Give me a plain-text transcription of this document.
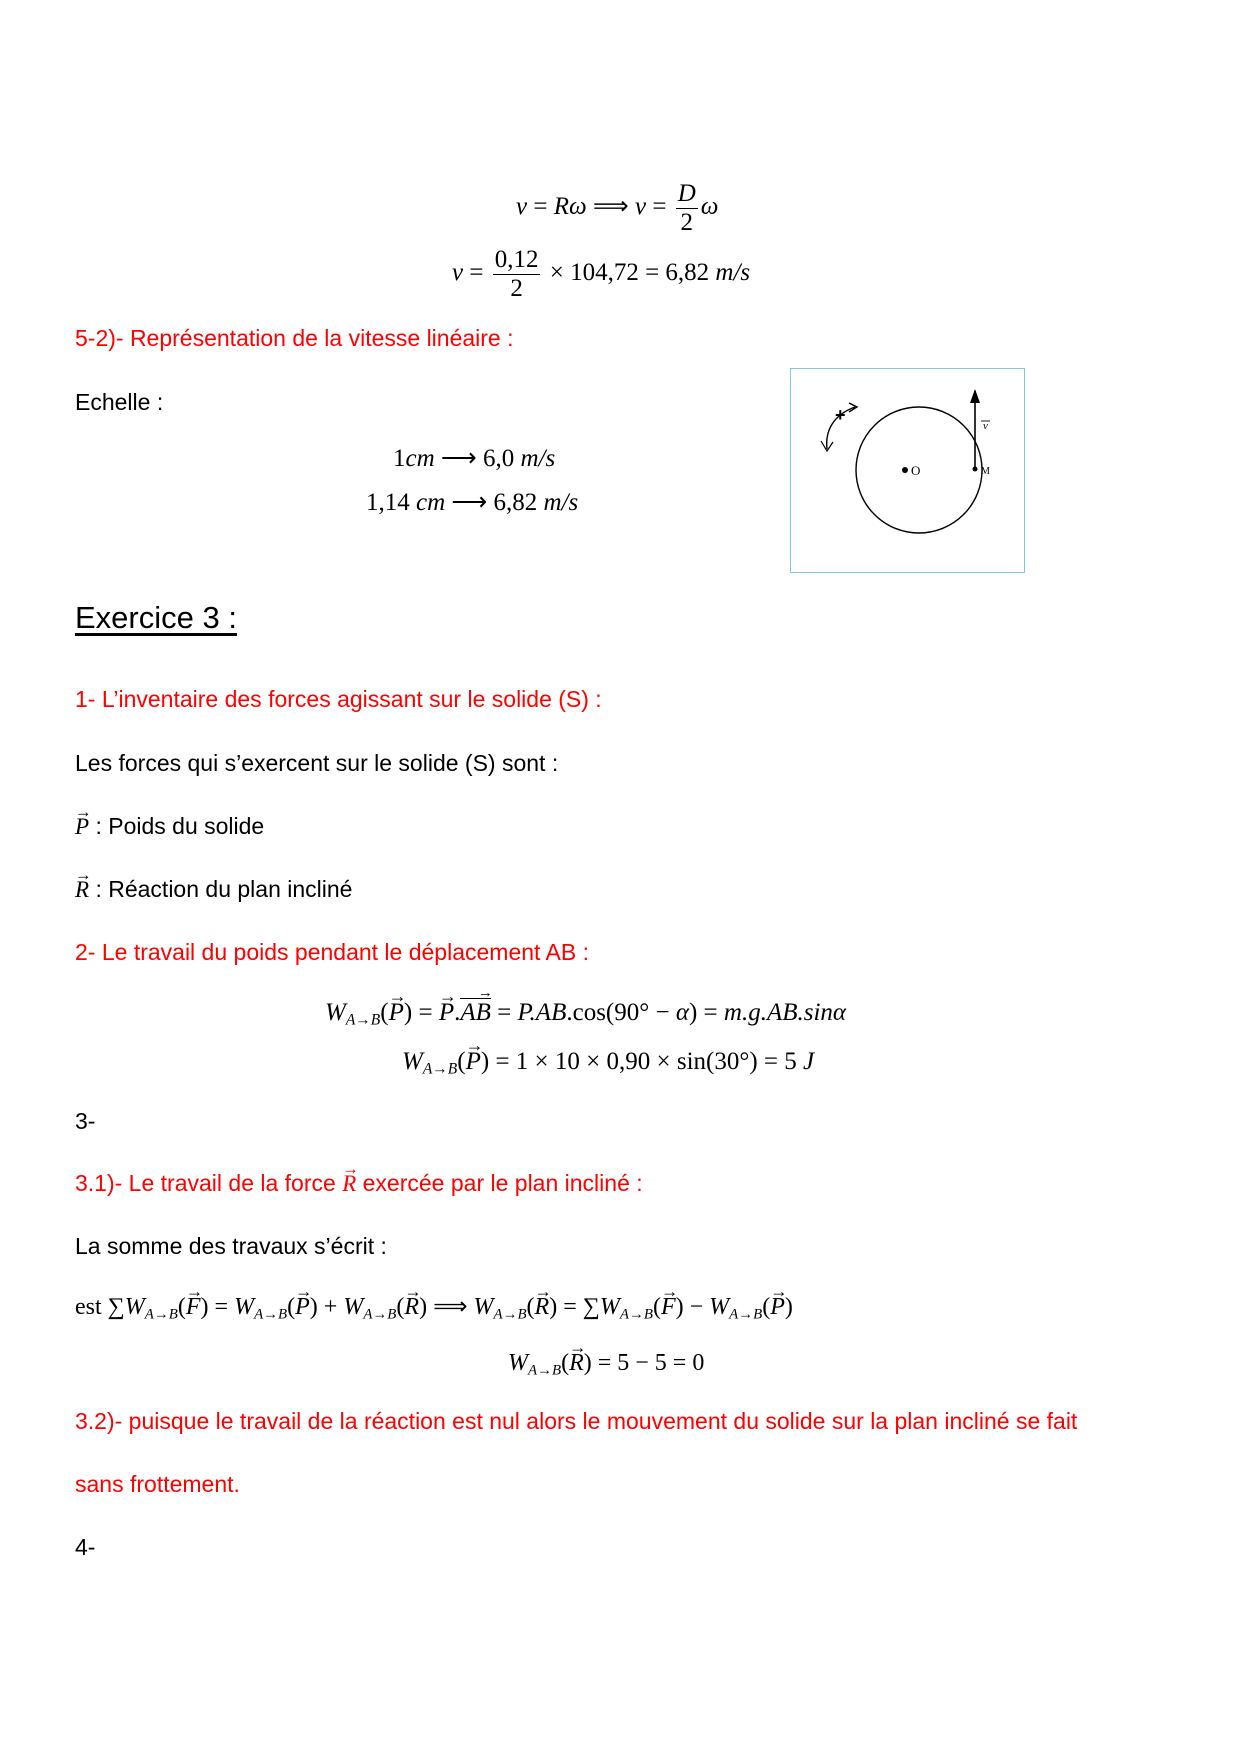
v = Rω ⟹ $v = \frac{D}{2}$ ω
$v = \frac{0,12}{2} \times 104,72 = 6,82$ m/s
5-2)- Représentation de la vitesse linéaire :
Echelle :
1cm ⟶ 6,0 m/s
1,14 cm ⟶ 6,82 m/s
+
O	M
v
Exercice 3 :
1- L’inventaire des forces agissant sur le solide (S) :
Les forces qui s’exercent sur le solide (S) sont :
→ P : Poids du solide
→ R : Réaction du plan incliné
2- Le travail du poids pendant le déplacement AB :
$W_{A\to B}(\to P)$ = → P.AB → = P.AB.cos(90° − α) = m.g.AB.sinα
$W_{A\to B}(\to P) = 1 \times 10 \times 0,90 \times \sin(30^\circ) = 5$ J
3-
3.1)- Le travail de la force → R exercée par le plan incliné :
La somme des travaux s’écrit :
est $\sum W_{A\to B}(\to F) = W_{A\to B}(\to P) + W_{A\to B}(\to R)$ ⟹ $W_{A\to B}(\to R) = \sum W_{A\to B}(\to F) - W_{A\to B}(\to P)$
$W_{A\to B}(\to R) = 5 - 5 = 0$
3.2)- puisque le travail de la réaction est nul alors le mouvement du solide sur la plan incliné se fait
sans frottement.
4-
